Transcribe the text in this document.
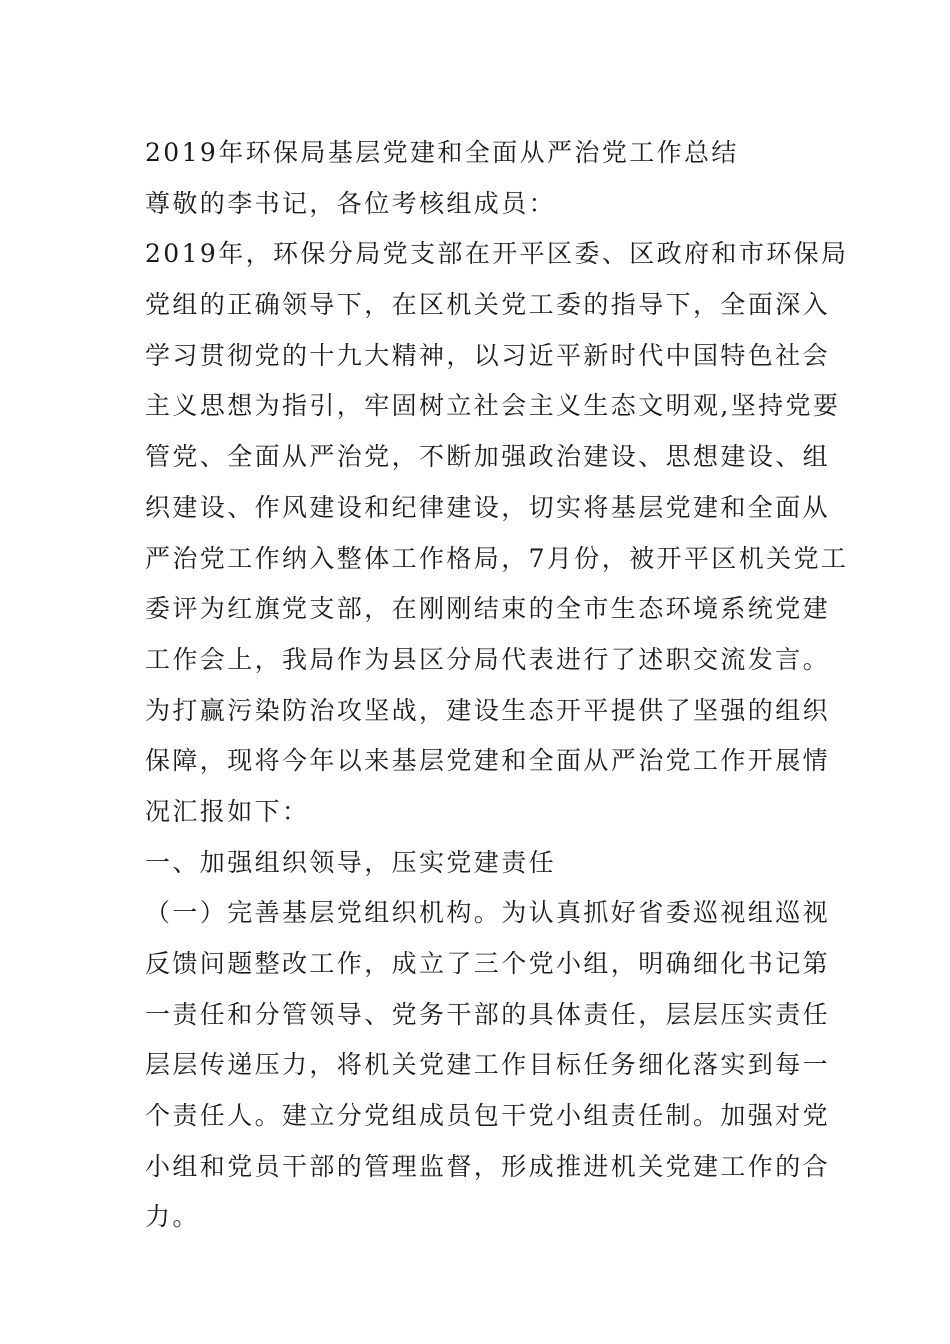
2019年环保局基层党建和全面从严治党工作总结
尊敬的李书记，各位考核组成员：
2019年，环保分局党支部在开平区委、区政府和市环保局
党组的正确领导下，在区机关党工委的指导下，全面深入
学习贯彻党的十九大精神，以习近平新时代中国特色社会
主义思想为指引，牢固树立社会主义生态文明观,坚持党要
管党、全面从严治党，不断加强政治建设、思想建设、组
织建设、作风建设和纪律建设，切实将基层党建和全面从
严治党工作纳入整体工作格局，7月份，被开平区机关党工
委评为红旗党支部，在刚刚结束的全市生态环境系统党建
工作会上，我局作为县区分局代表进行了述职交流发言。
为打赢污染防治攻坚战，建设生态开平提供了坚强的组织
保障，现将今年以来基层党建和全面从严治党工作开展情
况汇报如下：
一、加强组织领导，压实党建责任
（一）完善基层党组织机构。为认真抓好省委巡视组巡视
反馈问题整改工作，成立了三个党小组，明确细化书记第
一责任和分管领导、党务干部的具体责任，层层压实责任
层层传递压力，将机关党建工作目标任务细化落实到每一
个责任人。建立分党组成员包干党小组责任制。加强对党
小组和党员干部的管理监督，形成推进机关党建工作的合
力。
